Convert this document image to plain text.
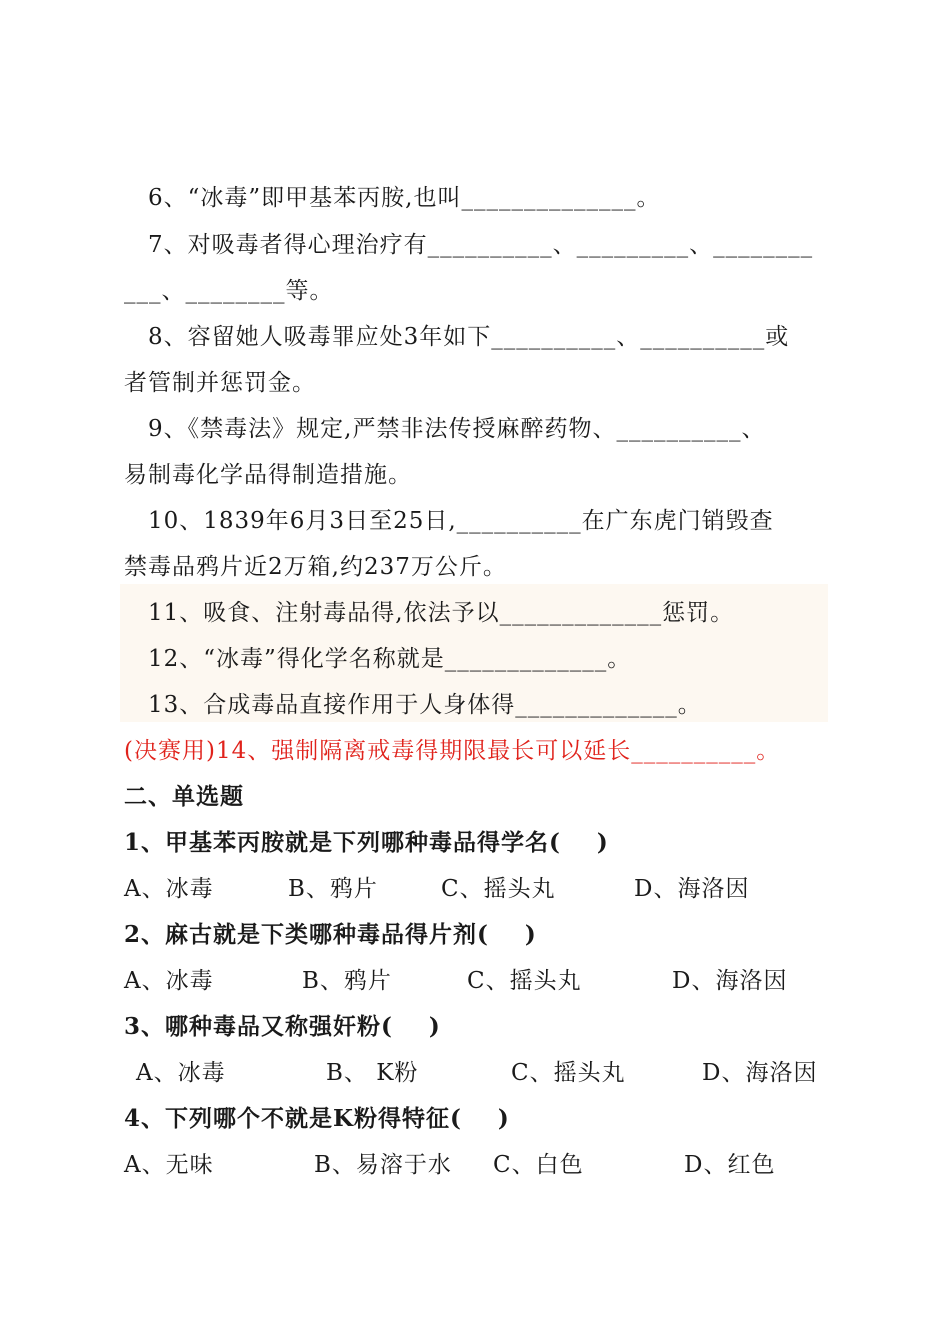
6、“冰毒”即甲基苯丙胺,也叫______________。
7、对吸毒者得心理治疗有__________、_________、________
___、________等。
8、容留她人吸毒罪应处3年如下__________、__________或
者管制并惩罚金。
9、《禁毒法》规定,严禁非法传授麻醉药物、__________、
易制毒化学品得制造措施。
10、1839年6月3日至25日,__________在广东虎门销毁查
禁毒品鸦片近2万箱,约237万公斤。
11、吸食、注射毒品得,依法予以_____________惩罚。
12、“冰毒”得化学名称就是_____________。
13、合成毒品直接作用于人身体得_____________。
(决赛用)14、强制隔离戒毒得期限最长可以延长__________。
二、单选题
1、甲基苯丙胺就是下列哪种毒品得学名(    )
A、冰毒	B、鸦片	C、摇头丸	D、海洛因
2、麻古就是下类哪种毒品得片剂(    )
A、冰毒	B、鸦片	C、摇头丸	D、海洛因
3、哪种毒品又称强奸粉(    )
A、冰毒	B、 K粉	C、摇头丸	D、海洛因
4、下列哪个不就是K粉得特征(    )
A、无味	B、易溶于水 C、白色	D、红色
